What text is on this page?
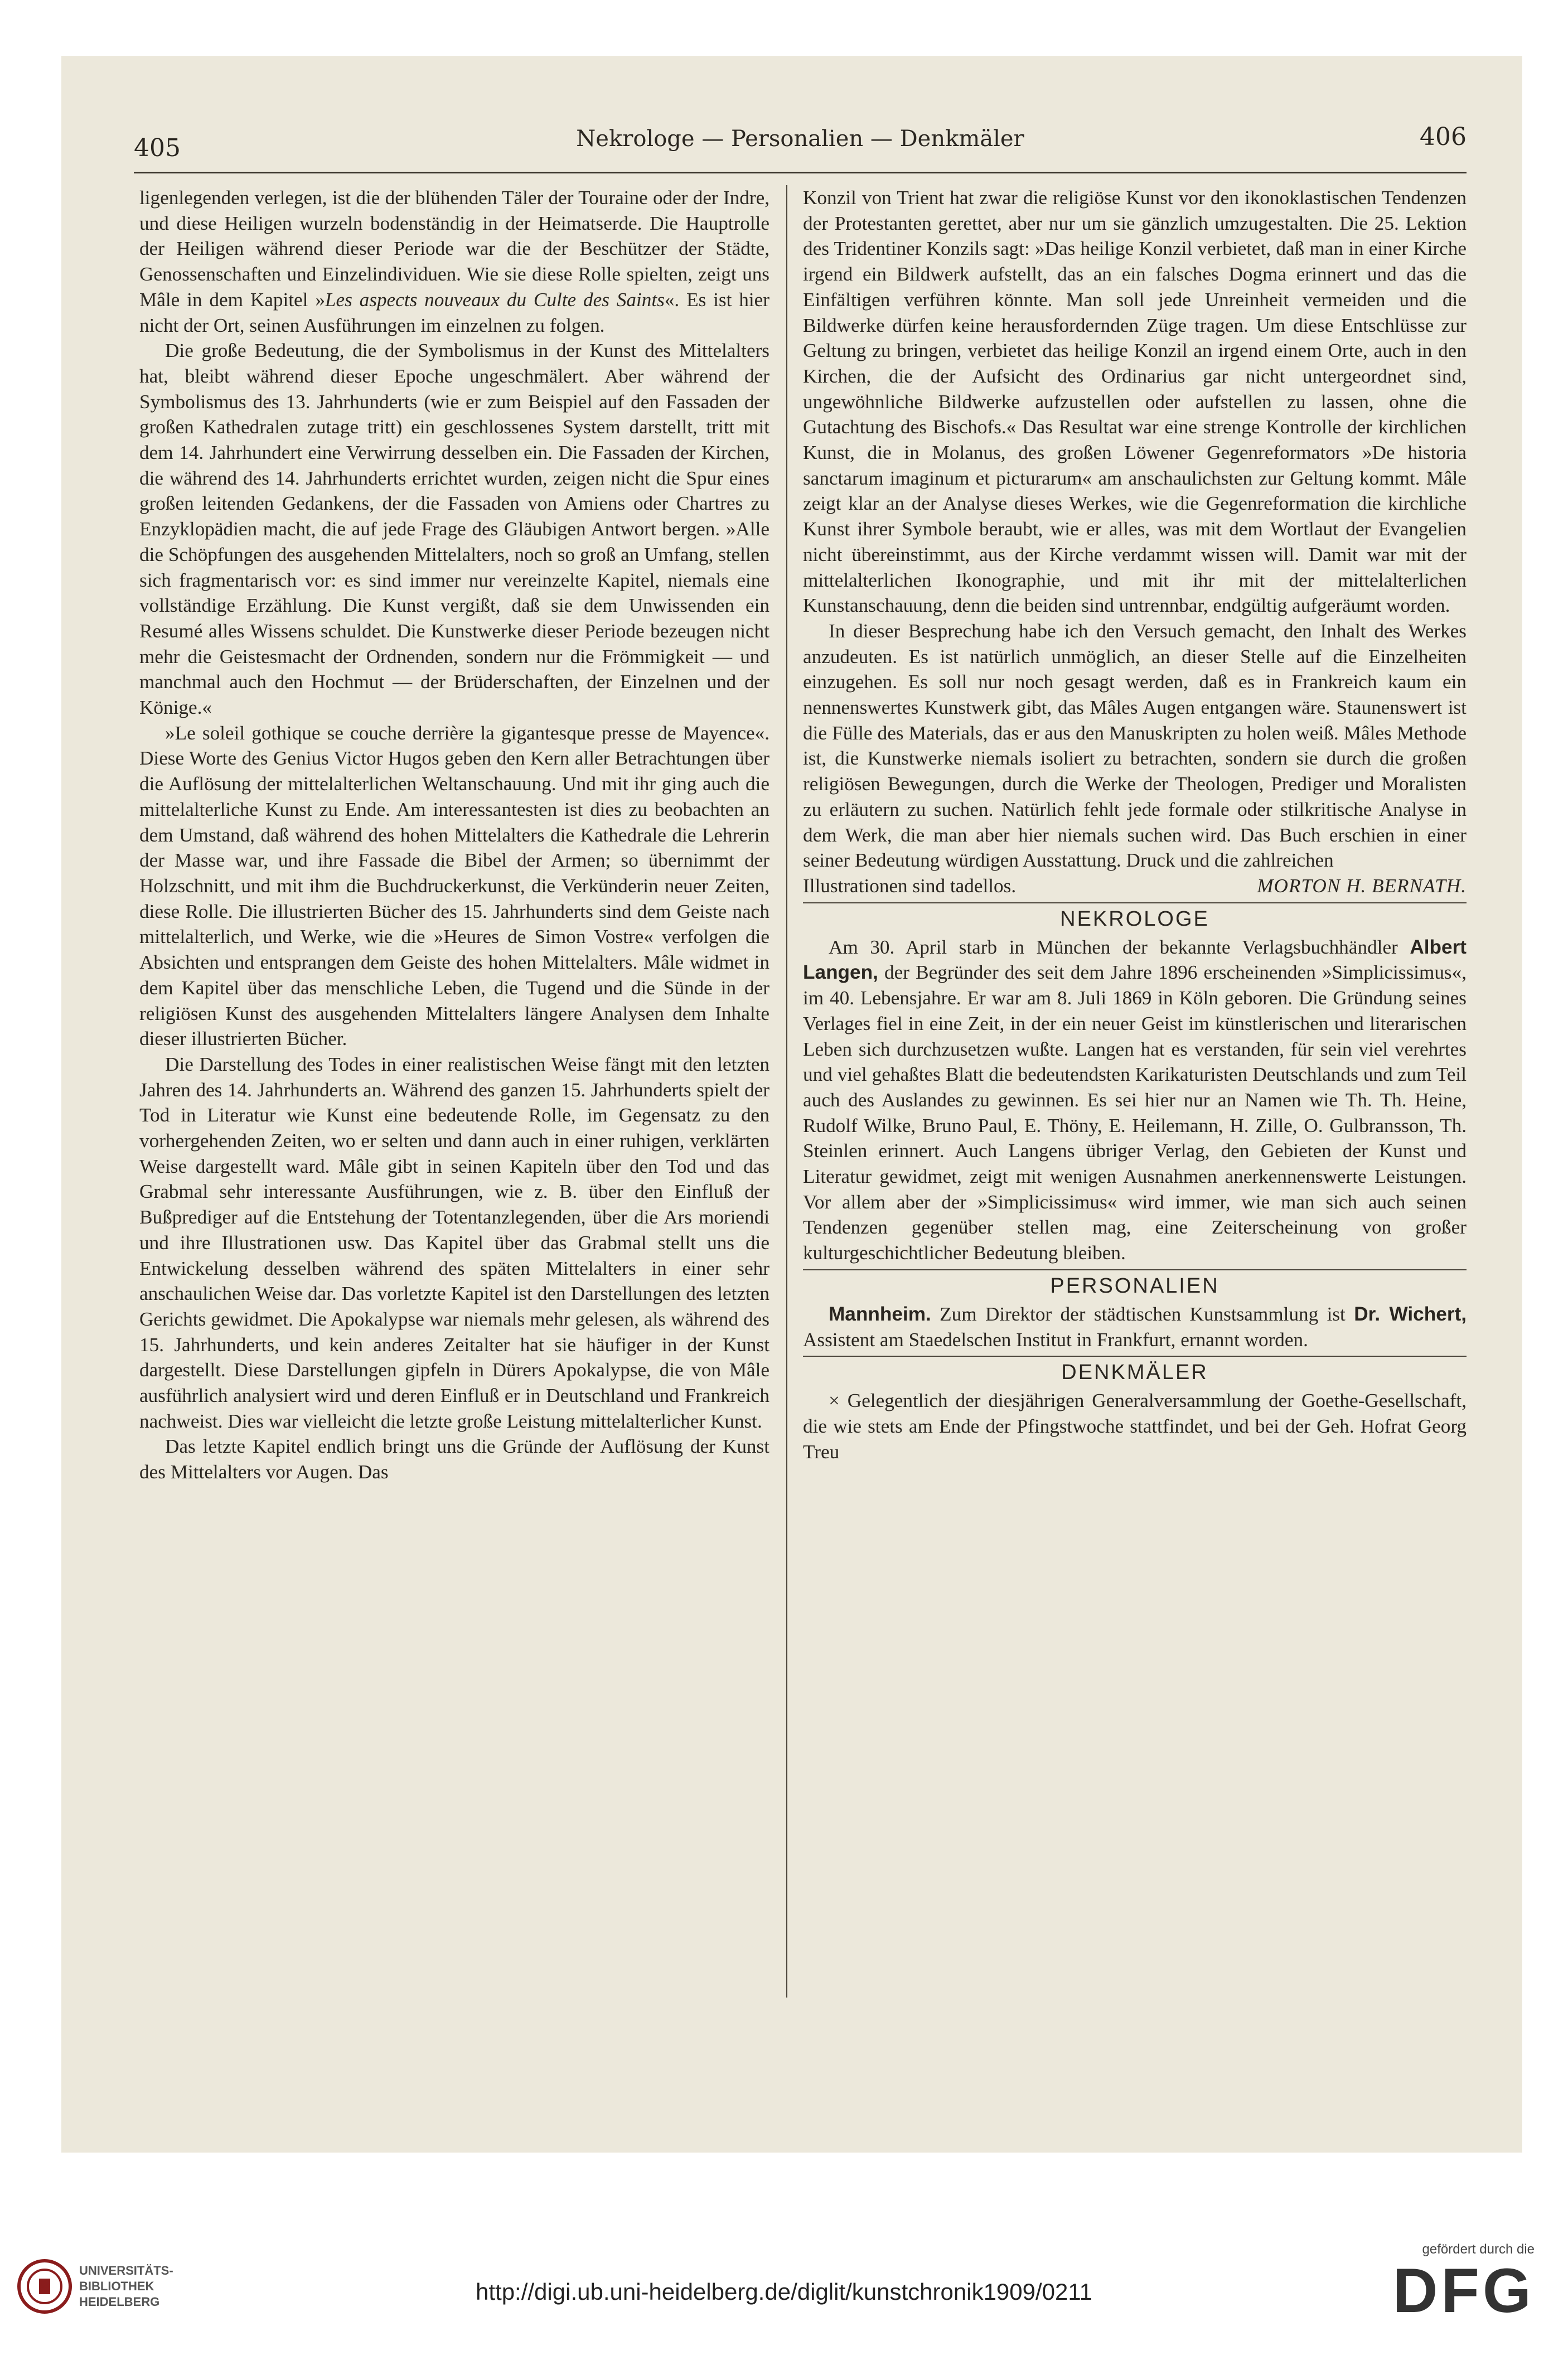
405	Nekrologe — Personalien — Denkmäler	406

ligenlegenden verlegen, ist die der blühenden Täler der Touraine oder der Indre, und diese Heiligen wurzeln bodenständig in der Heimatserde. Die Hauptrolle der Heiligen während dieser Periode war die der Beschützer der Städte, Genossenschaften und Einzelindividuen. Wie sie diese Rolle spielten, zeigt uns Mâle in dem Kapitel »Les aspects nouveaux du Culte des Saints«. Es ist hier nicht der Ort, seinen Ausführungen im einzelnen zu folgen.

Die große Bedeutung, die der Symbolismus in der Kunst des Mittelalters hat, bleibt während dieser Epoche ungeschmälert. Aber während der Symbolismus des 13. Jahrhunderts (wie er zum Beispiel auf den Fassaden der großen Kathedralen zutage tritt) ein geschlossenes System darstellt, tritt mit dem 14. Jahrhundert eine Verwirrung desselben ein. Die Fassaden der Kirchen, die während des 14. Jahrhunderts errichtet wurden, zeigen nicht die Spur eines großen leitenden Gedankens, der die Fassaden von Amiens oder Chartres zu Enzyklopädien macht, die auf jede Frage des Gläubigen Antwort bergen. »Alle die Schöpfungen des ausgehenden Mittelalters, noch so groß an Umfang, stellen sich fragmentarisch vor: es sind immer nur vereinzelte Kapitel, niemals eine vollständige Erzählung. Die Kunst vergißt, daß sie dem Unwissenden ein Resumé alles Wissens schuldet. Die Kunstwerke dieser Periode bezeugen nicht mehr die Geistesmacht der Ordnenden, sondern nur die Frömmigkeit — und manchmal auch den Hochmut — der Brüderschaften, der Einzelnen und der Könige.«

»Le soleil gothique se couche derrière la gigantesque presse de Mayence«. Diese Worte des Genius Victor Hugos geben den Kern aller Betrachtungen über die Auflösung der mittelalterlichen Weltanschauung. Und mit ihr ging auch die mittelalterliche Kunst zu Ende. Am interessantesten ist dies zu beobachten an dem Umstand, daß während des hohen Mittelalters die Kathedrale die Lehrerin der Masse war, und ihre Fassade die Bibel der Armen; so übernimmt der Holzschnitt, und mit ihm die Buchdruckerkunst, die Verkünderin neuer Zeiten, diese Rolle. Die illustrierten Bücher des 15. Jahrhunderts sind dem Geiste nach mittelalterlich, und Werke, wie die »Heures de Simon Vostre« verfolgen die Absichten und entsprangen dem Geiste des hohen Mittelalters. Mâle widmet in dem Kapitel über das menschliche Leben, die Tugend und die Sünde in der religiösen Kunst des ausgehenden Mittelalters längere Analysen dem Inhalte dieser illustrierten Bücher.

Die Darstellung des Todes in einer realistischen Weise fängt mit den letzten Jahren des 14. Jahrhunderts an. Während des ganzen 15. Jahrhunderts spielt der Tod in Literatur wie Kunst eine bedeutende Rolle, im Gegensatz zu den vorhergehenden Zeiten, wo er selten und dann auch in einer ruhigen, verklärten Weise dargestellt ward. Mâle gibt in seinen Kapiteln über den Tod und das Grabmal sehr interessante Ausführungen, wie z. B. über den Einfluß der Bußprediger auf die Entstehung der Totentanzlegenden, über die Ars moriendi und ihre Illustrationen usw. Das Kapitel über das Grabmal stellt uns die Entwickelung desselben während des späten Mittelalters in einer sehr anschaulichen Weise dar. Das vorletzte Kapitel ist den Darstellungen des letzten Gerichts gewidmet. Die Apokalypse war niemals mehr gelesen, als während des 15. Jahrhunderts, und kein anderes Zeitalter hat sie häufiger in der Kunst dargestellt. Diese Darstellungen gipfeln in Dürers Apokalypse, die von Mâle ausführlich analysiert wird und deren Einfluß er in Deutschland und Frankreich nachweist. Dies war vielleicht die letzte große Leistung mittelalterlicher Kunst.

Das letzte Kapitel endlich bringt uns die Gründe der Auflösung der Kunst des Mittelalters vor Augen. Das

Konzil von Trient hat zwar die religiöse Kunst vor den ikonoklastischen Tendenzen der Protestanten gerettet, aber nur um sie gänzlich umzugestalten. Die 25. Lektion des Tridentiner Konzils sagt: »Das heilige Konzil verbietet, daß man in einer Kirche irgend ein Bildwerk aufstellt, das an ein falsches Dogma erinnert und das die Einfältigen verführen könnte. Man soll jede Unreinheit vermeiden und die Bildwerke dürfen keine herausfordernden Züge tragen. Um diese Entschlüsse zur Geltung zu bringen, verbietet das heilige Konzil an irgend einem Orte, auch in den Kirchen, die der Aufsicht des Ordinarius gar nicht untergeordnet sind, ungewöhnliche Bildwerke aufzustellen oder aufstellen zu lassen, ohne die Gutachtung des Bischofs.« Das Resultat war eine strenge Kontrolle der kirchlichen Kunst, die in Molanus, des großen Löwener Gegenreformators »De historia sanctarum imaginum et picturarum« am anschaulichsten zur Geltung kommt. Mâle zeigt klar an der Analyse dieses Werkes, wie die Gegenreformation die kirchliche Kunst ihrer Symbole beraubt, wie er alles, was mit dem Wortlaut der Evangelien nicht übereinstimmt, aus der Kirche verdammt wissen will. Damit war mit der mittelalterlichen Ikonographie, und mit ihr mit der mittelalterlichen Kunstanschauung, denn die beiden sind untrennbar, endgültig aufgeräumt worden.

In dieser Besprechung habe ich den Versuch gemacht, den Inhalt des Werkes anzudeuten. Es ist natürlich unmöglich, an dieser Stelle auf die Einzelheiten einzugehen. Es soll nur noch gesagt werden, daß es in Frankreich kaum ein nennenswertes Kunstwerk gibt, das Mâles Augen entgangen wäre. Staunenswert ist die Fülle des Materials, das er aus den Manuskripten zu holen weiß. Mâles Methode ist, die Kunstwerke niemals isoliert zu betrachten, sondern sie durch die großen religiösen Bewegungen, durch die Werke der Theologen, Prediger und Moralisten zu erläutern zu suchen. Natürlich fehlt jede formale oder stilkritische Analyse in dem Werk, die man aber hier niemals suchen wird. Das Buch erschien in einer seiner Bedeutung würdigen Ausstattung. Druck und die zahlreichen

Illustrationen sind tadellos.	MORTON H. BERNATH.
NEKROLOGE

Am 30. April starb in München der bekannte Verlagsbuchhändler Albert Langen, der Begründer des seit dem Jahre 1896 erscheinenden »Simplicissimus«, im 40. Lebensjahre. Er war am 8. Juli 1869 in Köln geboren. Die Gründung seines Verlages fiel in eine Zeit, in der ein neuer Geist im künstlerischen und literarischen Leben sich durchzusetzen wußte. Langen hat es verstanden, für sein viel verehrtes und viel gehaßtes Blatt die bedeutendsten Karikaturisten Deutschlands und zum Teil auch des Auslandes zu gewinnen. Es sei hier nur an Namen wie Th. Th. Heine, Rudolf Wilke, Bruno Paul, E. Thöny, E. Heilemann, H. Zille, O. Gulbransson, Th. Steinlen erinnert. Auch Langens übriger Verlag, den Gebieten der Kunst und Literatur gewidmet, zeigt mit wenigen Ausnahmen anerkennenswerte Leistungen. Vor allem aber der »Simplicissimus« wird immer, wie man sich auch seinen Tendenzen gegenüber stellen mag, eine Zeiterscheinung von großer kulturgeschichtlicher Bedeutung bleiben.

PERSONALIEN

Mannheim. Zum Direktor der städtischen Kunstsammlung ist Dr. Wichert, Assistent am Staedelschen Institut in Frankfurt, ernannt worden.

DENKMÄLER

× Gelegentlich der diesjährigen Generalversammlung der Goethe-Gesellschaft, die wie stets am Ende der Pfingstwoche stattfindet, und bei der Geh. Hofrat Georg Treu

UNIVERSITÄTS-
BIBLIOTHEK
HEIDELBERG	http://digi.ub.uni-heidelberg.de/diglit/kunstchronik1909/0211
gefördert durch die
DFG
